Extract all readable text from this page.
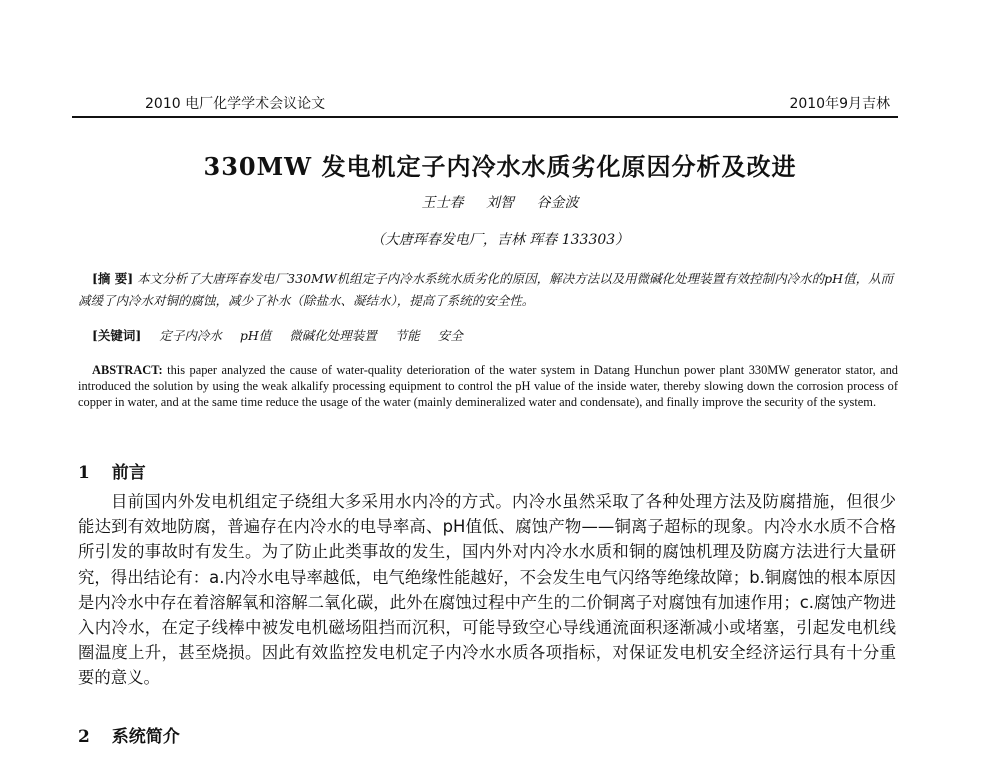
2010 电厂化学学术会议论文	2010年9月吉林
330MW 发电机定子内冷水水质劣化原因分析及改进
王士春 刘智 谷金波
（大唐珲春发电厂，吉林 珲春 133303）
[摘 要] 本文分析了大唐珲春发电厂330MW机组定子内冷水系统水质劣化的原因，解决方法以及用微碱化处理装置有效控制内冷水的pH值，从而减缓了内冷水对铜的腐蚀，减少了补水（除盐水、凝结水），提高了系统的安全性。
[关键词] 定子内冷水 pH值 微碱化处理装置 节能 安全
ABSTRACT: this paper analyzed the cause of water-quality deterioration of the water system in Datang Hunchun power plant 330MW generator stator, and introduced the solution by using the weak alkalify processing equipment to control the pH value of the inside water, thereby slowing down the corrosion process of copper in water, and at the same time reduce the usage of the water (mainly demineralized water and condensate), and finally improve the security of the system.
1 前言
目前国内外发电机组定子绕组大多采用水内冷的方式。内冷水虽然采取了各种处理方法及防腐措施，但很少能达到有效地防腐，普遍存在内冷水的电导率高、pH值低、腐蚀产物——铜离子超标的现象。内冷水水质不合格所引发的事故时有发生。为了防止此类事故的发生，国内外对内冷水水质和铜的腐蚀机理及防腐方法进行大量研究，得出结论有：a.内冷水电导率越低，电气绝缘性能越好，不会发生电气闪络等绝缘故障；b.铜腐蚀的根本原因是内冷水中存在着溶解氧和溶解二氧化碳，此外在腐蚀过程中产生的二价铜离子对腐蚀有加速作用；c.腐蚀产物进入内冷水，在定子线棒中被发电机磁场阻挡而沉积，可能导致空心导线通流面积逐渐减小或堵塞，引起发电机线圈温度上升，甚至烧损。因此有效监控发电机定子内冷水水质各项指标，对保证发电机安全经济运行具有十分重要的意义。
2 系统简介
